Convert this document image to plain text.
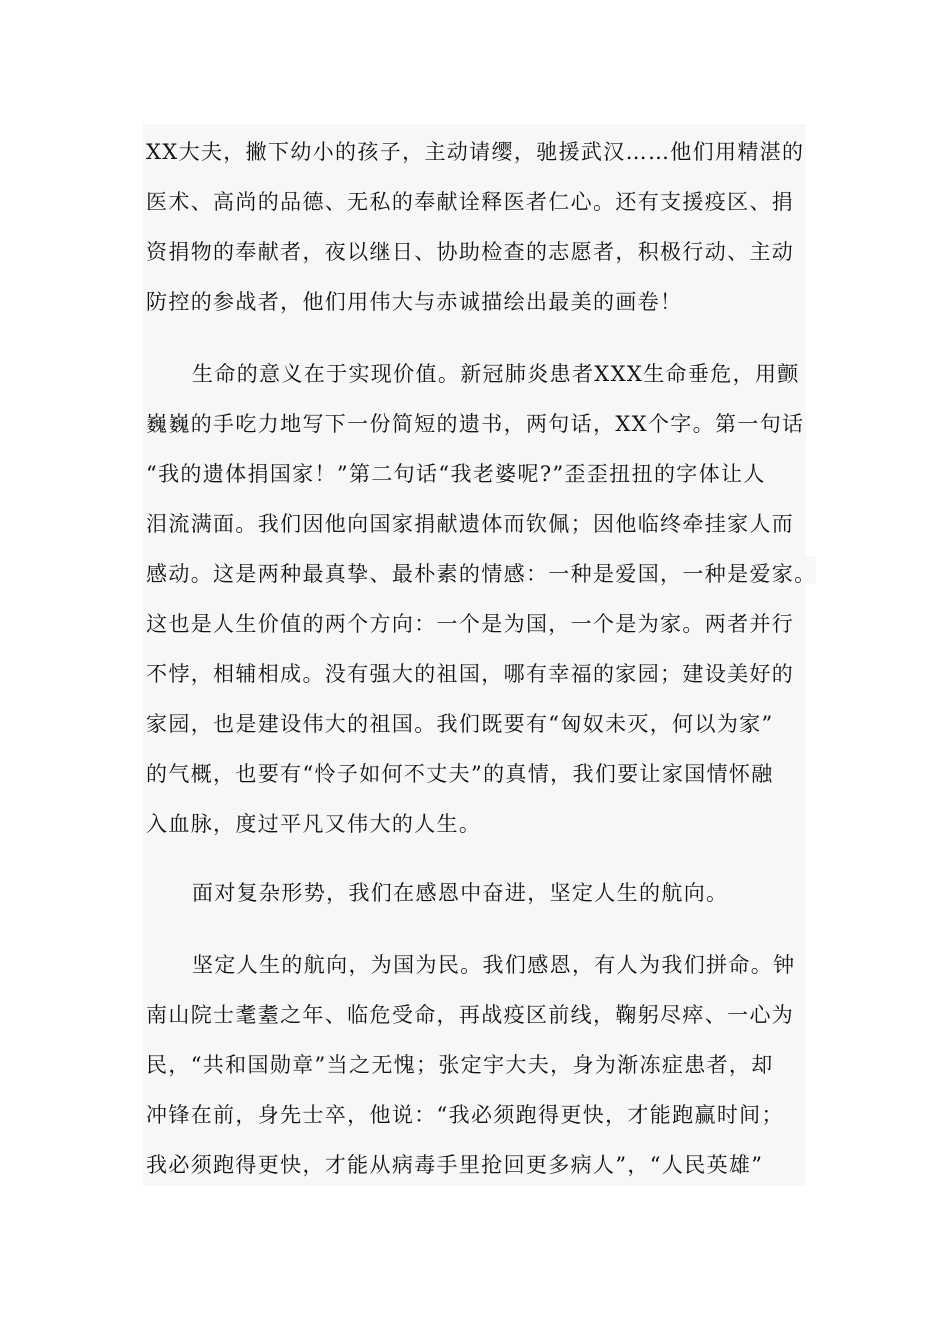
XX大夫，撇下幼小的孩子，主动请缨，驰援武汉……他们用精湛的
医术、高尚的品德、无私的奉献诠释医者仁心。还有支援疫区、捐
资捐物的奉献者，夜以继日、协助检查的志愿者，积极行动、主动
防控的参战者，他们用伟大与赤诚描绘出最美的画卷！
生命的意义在于实现价值。新冠肺炎患者XXX生命垂危，用颤
巍巍的手吃力地写下一份简短的遗书，两句话，XX个字。第一句话
“我的遗体捐国家！”第二句话“我老婆呢?”歪歪扭扭的字体让人
泪流满面。我们因他向国家捐献遗体而钦佩；因他临终牵挂家人而
感动。这是两种最真挚、最朴素的情感：一种是爱国，一种是爱家。
这也是人生价值的两个方向：一个是为国，一个是为家。两者并行
不悖，相辅相成。没有强大的祖国，哪有幸福的家园；建设美好的
家园，也是建设伟大的祖国。我们既要有“匈奴未灭，何以为家”
的气概，也要有“怜子如何不丈夫”的真情，我们要让家国情怀融
入血脉，度过平凡又伟大的人生。
面对复杂形势，我们在感恩中奋进，坚定人生的航向。
坚定人生的航向，为国为民。我们感恩，有人为我们拼命。钟
南山院士耄耋之年、临危受命，再战疫区前线，鞠躬尽瘁、一心为
民，“共和国勋章”当之无愧；张定宇大夫，身为渐冻症患者，却
冲锋在前，身先士卒，他说：“我必须跑得更快，才能跑赢时间；
我必须跑得更快，才能从病毒手里抢回更多病人”，“人民英雄”
